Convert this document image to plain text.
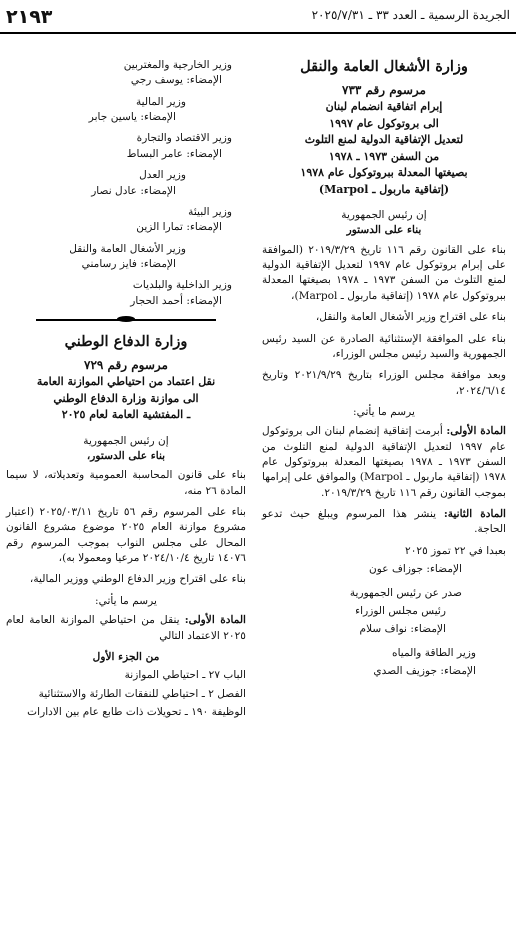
٢١٩٣	الجريدة الرسمية ـ العدد ٣٣ ـ ٢٠٢٥/٧/٣١
وزارة الأشغال العامة والنقل
مرسوم رقم ٧٣٣
إبرام اتفاقية انضمام لبنان
الى بروتوكول عام ١٩٩٧
لتعديل الإتفاقية الدولية لمنع التلوث
من السفن ١٩٧٣ ـ ١٩٧٨
بصيغتها المعدلة ببروتوكول عام ١٩٧٨
(إتفاقية ماربول ـ Marpol)
إن رئيس الجمهورية
بناء على الدستور

بناء على القانون رقم ١١٦ تاريخ ٢٠١٩/٣/٢٩ (الموافقة على إبرام بروتوكول عام ١٩٩٧ لتعديل الإتفاقية الدولية لمنع التلوث من السفن ١٩٧٣ ـ ١٩٧٨ بصيغتها المعدلة ببروتوكول عام ١٩٧٨ (إتفاقية ماربول ـ Marpol)،

بناء على اقتراح وزير الأشغال العامة والنقل،

بناء على الموافقة الإستثنائية الصادرة عن السيد رئيس الجمهورية والسيد رئيس مجلس الوزراء،

وبعد موافقة مجلس الوزراء بتاريخ ٢٠٢١/٩/٢٩ وتاريخ ٢٠٢٤/٦/١٤،

يرسم ما يأتي:

المادة الأولى: أبرمت إتفاقية إنضمام لبنان الى بروتوكول عام ١٩٩٧ لتعديل الإتفاقية الدولية لمنع التلوث من السفن ١٩٧٣ ـ ١٩٧٨ بصيغتها المعدلة ببروتوكول عام ١٩٧٨ (إتفاقية ماربول ـ Marpol) والموافق على إبرامها بموجب القانون رقم ١١٦ تاريخ ٢٠١٩/٣/٢٩.

المادة الثانية: ينشر هذا المرسوم ويبلغ حيث تدعو الحاجة.

بعبدا في ٢٢ تموز ٢٠٢٥
الإمضاء: جوزاف عون
صدر عن رئيس الجمهورية
رئيس مجلس الوزراء
الإمضاء: نواف سلام
وزير الطاقة والمياه
الإمضاء: جوزيف الصدي
وزير الخارجية والمغتربين
الإمضاء: يوسف رجي
وزير المالية
الإمضاء: ياسين جابر
وزير الاقتصاد والتجارة
الإمضاء: عامر البساط
وزير العدل
الإمضاء: عادل نصار
وزير البيئة
الإمضاء: تمارا الزين
وزير الأشغال العامة والنقل
الإمضاء: فايز رسامني
وزير الداخلية والبلديات
الإمضاء: أحمد الحجار
وزارة الدفاع الوطني
مرسوم رقم ٧٢٩
نقل اعتماد من احتياطي الموازنة العامة
الى موازنة وزارة الدفاع الوطني
ـ المفتشية العامة لعام ٢٠٢٥
إن رئيس الجمهورية
بناء على الدستور،

بناء على قانون المحاسبة العمومية وتعديلاته، لا سيما المادة ٢٦ منه،

بناء على المرسوم رقم ٥٦ تاريخ ٢٠٢٥/٠٣/١١ (اعتبار مشروع موازنة العام ٢٠٢٥ موضوع مشروع القانون المحال على مجلس النواب بموجب المرسوم رقم ١٤٠٧٦ تاريخ ٢٠٢٤/١٠/٤ مرعيا ومعمولا به)،

بناء على اقتراح وزير الدفاع الوطني ووزير المالية،

يرسم ما يأتي:

المادة الأولى: ينقل من احتياطي الموازنة العامة لعام ٢٠٢٥ الاعتماد التالي

من الجزء الأول
الباب ٢٧ ـ احتياطي الموازنة
الفصل ٢ ـ احتياطي للنفقات الطارئة والاستثنائية
الوظيفة ١٩٠ ـ تحويلات ذات طابع عام بين الادارات
